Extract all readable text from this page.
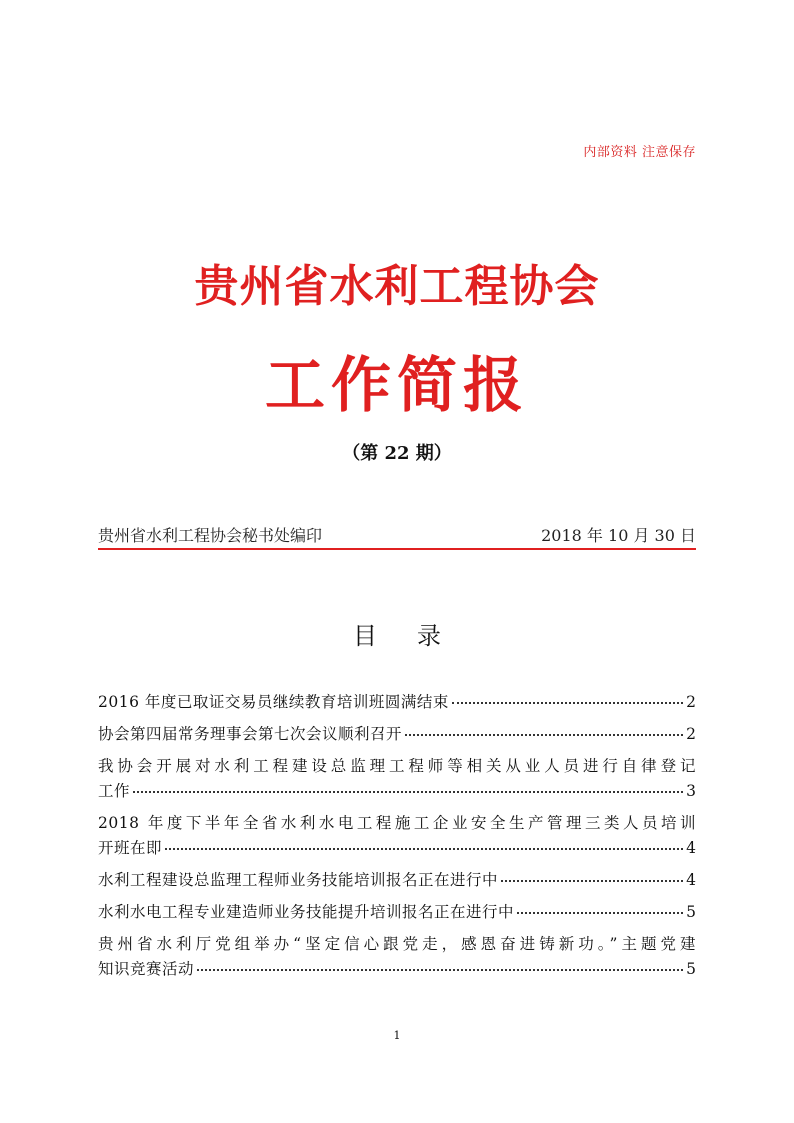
内部资料 注意保存
贵州省水利工程协会
工作简报
（第 22 期）
贵州省水利工程协会秘书处编印	2018 年 10 月 30 日
目录
2016 年度已取证交易员继续教育培训班圆满结束	2
协会第四届常务理事会第七次会议顺利召开	2
我协会开展对水利工程建设总监理工程师等相关从业人员进行自律登记
工作	3
2018 年度下半年全省水利水电工程施工企业安全生产管理三类人员培训
开班在即	4
水利工程建设总监理工程师业务技能培训报名正在进行中	4
水利水电工程专业建造师业务技能提升培训报名正在进行中	5
贵州省水利厅党组举办“坚定信心跟党走，感恩奋进铸新功。”主题党建
知识竞赛活动	5
1
